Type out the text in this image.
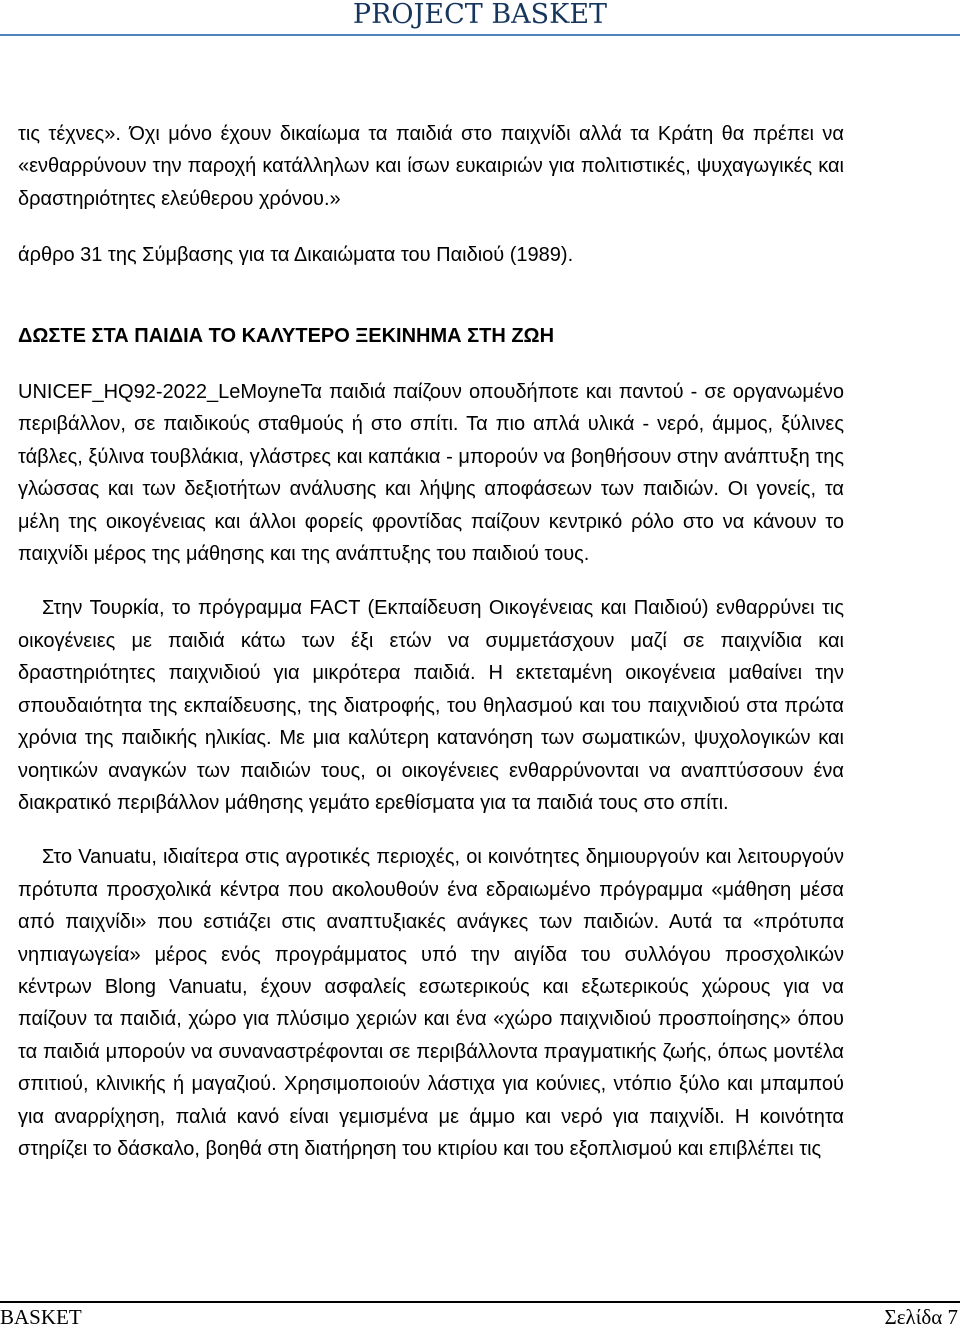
PROJECT BASKET

τις τέχνες». Όχι μόνο έχουν δικαίωμα τα παιδιά στο παιχνίδι αλλά τα Κράτη θα πρέπει να «ενθαρρύνουν την παροχή κατάλληλων και ίσων ευκαιριών για πολιτιστικές, ψυχαγωγικές και δραστηριότητες ελεύθερου χρόνου.»

άρθρο 31 της Σύμβασης για τα Δικαιώματα του Παιδιού (1989).

ΔΩΣΤΕ ΣΤΑ ΠΑΙΔΙΑ ΤΟ ΚΑΛΥΤΕΡΟ ΞΕΚΙΝΗΜΑ ΣΤΗ ΖΩΗ

UNICEF_HQ92-2022_LeMoyneΤα παιδιά παίζουν οπουδήποτε και παντού - σε οργανωμένο περιβάλλον, σε παιδικούς σταθμούς ή στο σπίτι. Τα πιο απλά υλικά - νερό, άμμος, ξύλινες τάβλες, ξύλινα τουβλάκια, γλάστρες και καπάκια - μπορούν να βοηθήσουν στην ανάπτυξη της γλώσσας και των δεξιοτήτων ανάλυσης και λήψης αποφάσεων των παιδιών. Οι γονείς, τα μέλη της οικογένειας και άλλοι φορείς φροντίδας παίζουν κεντρικό ρόλο στο να κάνουν το παιχνίδι μέρος της μάθησης και της ανάπτυξης του παιδιού τους.

Στην Τουρκία, το πρόγραμμα FACT (Εκπαίδευση Οικογένειας και Παιδιού) ενθαρρύνει τις οικογένειες με παιδιά κάτω των έξι ετών να συμμετάσχουν μαζί σε παιχνίδια και δραστηριότητες παιχνιδιού για μικρότερα παιδιά. Η εκτεταμένη οικογένεια μαθαίνει την σπουδαιότητα της εκπαίδευσης, της διατροφής, του θηλασμού και του παιχνιδιού στα πρώτα χρόνια της παιδικής ηλικίας. Με μια καλύτερη κατανόηση των σωματικών, ψυχολογικών και νοητικών αναγκών των παιδιών τους, οι οικογένειες ενθαρρύνονται να αναπτύσσουν ένα διακρατικό περιβάλλον μάθησης γεμάτο ερεθίσματα για τα παιδιά τους στο σπίτι.

Στο Vanuatu, ιδιαίτερα στις αγροτικές περιοχές, οι κοινότητες δημιουργούν και λειτουργούν πρότυπα προσχολικά κέντρα που ακολουθούν ένα εδραιωμένο πρόγραμμα «μάθηση μέσα από παιχνίδι» που εστιάζει στις αναπτυξιακές ανάγκες των παιδιών. Αυτά τα «πρότυπα νηπιαγωγεία» μέρος ενός προγράμματος υπό την αιγίδα του συλλόγου προσχολικών κέντρων Blong Vanuatu, έχουν ασφαλείς εσωτερικούς και εξωτερικούς χώρους για να παίζουν τα παιδιά, χώρο για πλύσιμο χεριών και ένα «χώρο παιχνιδιού προσποίησης» όπου τα παιδιά μπορούν να συναναστρέφονται σε περιβάλλοντα πραγματικής ζωής, όπως μοντέλα σπιτιού, κλινικής ή μαγαζιού. Χρησιμοποιούν λάστιχα για κούνιες, ντόπιο ξύλο και μπαμπού για αναρρίχηση, παλιά κανό είναι γεμισμένα με άμμο και νερό για παιχνίδι. Η κοινότητα στηρίζει το δάσκαλο, βοηθά στη διατήρηση του κτιρίου και του εξοπλισμού και επιβλέπει τις

BASKET	Σελίδα 7
